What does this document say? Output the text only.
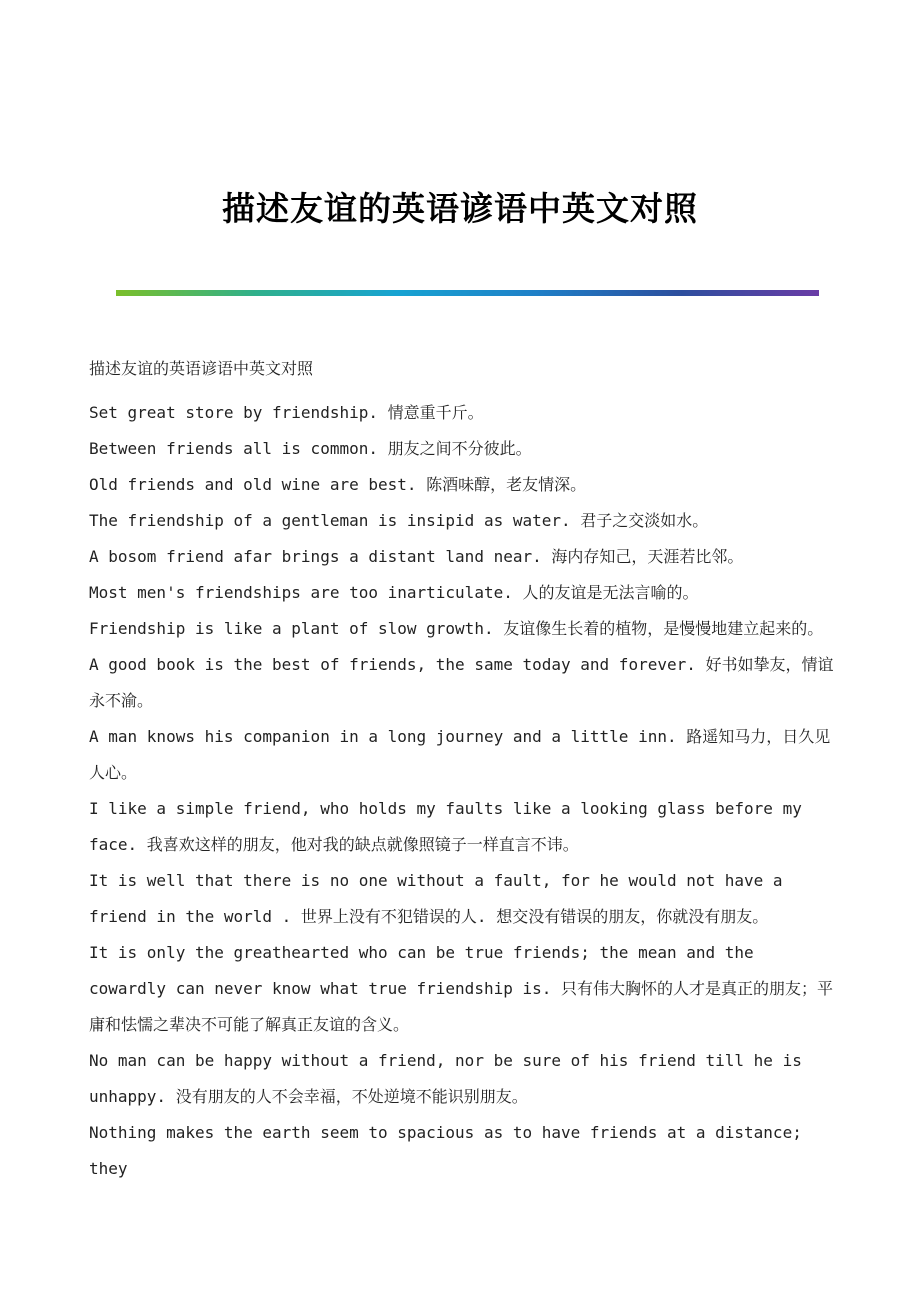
描述友谊的英语谚语中英文对照

描述友谊的英语谚语中英文对照

Set great store by friendship. 情意重千斤。

Between friends all is common. 朋友之间不分彼此。

Old friends and old wine are best. 陈酒味醇，老友情深。

The friendship of a gentleman is insipid as water. 君子之交淡如水。

A bosom friend afar brings a distant land near. 海内存知己，天涯若比邻。

Most men's friendships are too inarticulate. 人的友谊是无法言喻的。

Friendship is like a plant of slow growth. 友谊像生长着的植物，是慢慢地建立起来的。

A good book is the best of friends, the same today and forever. 好书如挚友，情谊永不渝。

A man knows his companion in a long journey and a little inn. 路遥知马力，日久见人心。

I like a simple friend, who holds my faults like a looking glass before my face. 我喜欢这样的朋友，他对我的缺点就像照镜子一样直言不讳。

It is well that there is no one without a fault, for he would not have a friend in the world . 世界上没有不犯错误的人. 想交没有错误的朋友，你就没有朋友。

It is only the greathearted who can be true friends; the mean and the cowardly can never know what true friendship is. 只有伟大胸怀的人才是真正的朋友；平庸和怯懦之辈决不可能了解真正友谊的含义。

No man can be happy without a friend, nor be sure of his friend till he is unhappy. 没有朋友的人不会幸福，不处逆境不能识别朋友。

Nothing makes the earth seem to spacious as to have friends at a distance; they
